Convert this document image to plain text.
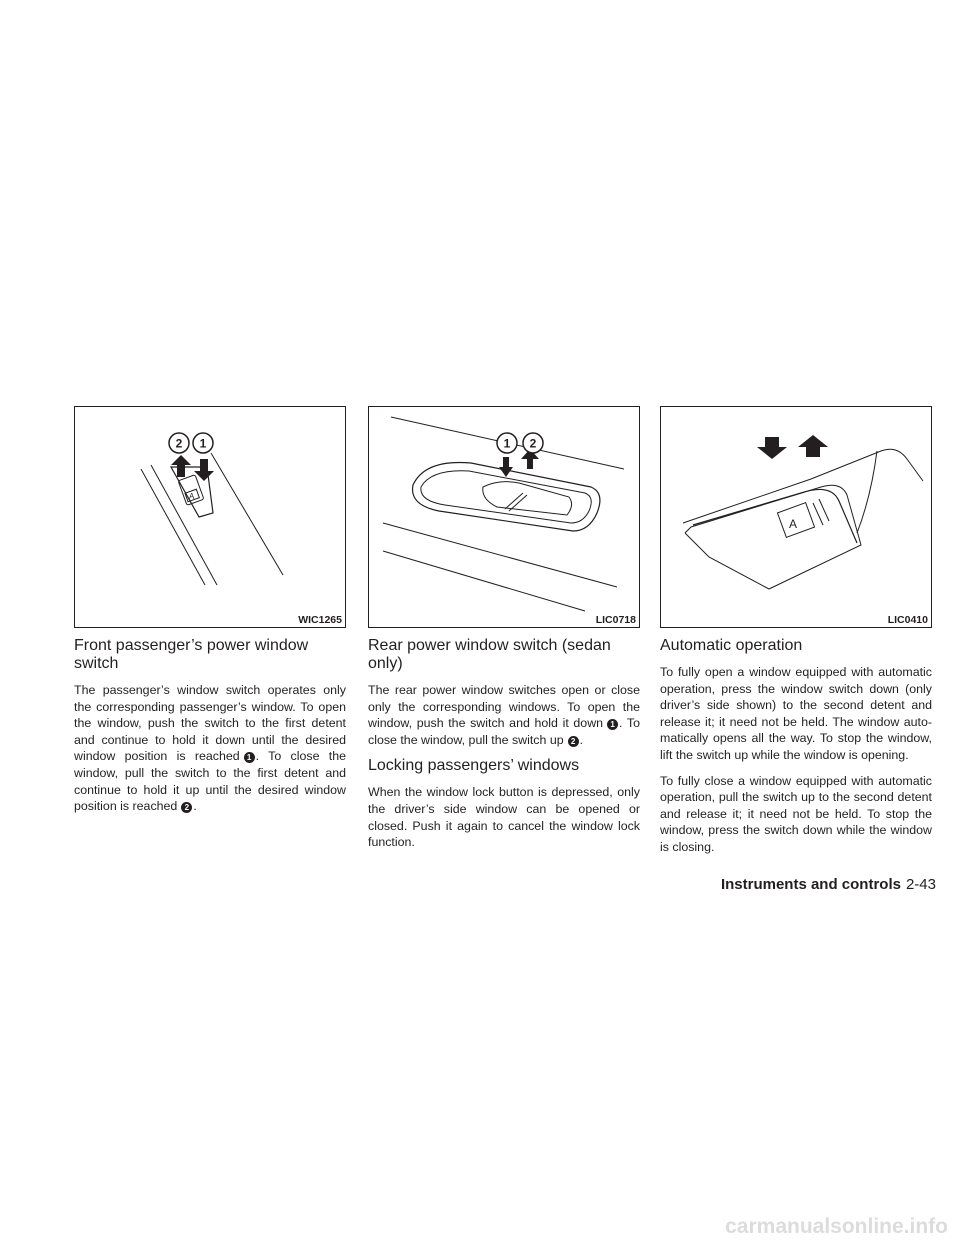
A
2 1
WIC1265
Front passenger’s power window switch

The passenger’s window switch operates only the corresponding passenger’s window. To open the window, push the switch to the first detent and continue to hold it down until the desired window position is reached 1 . To close the window, pull the switch to the first detent and continue to hold it up until the desired window position is reached 2 .

1 2
LIC0718
Rear power window switch (sedan only)

The rear power window switches open or close only the corresponding windows. To open the window, push the switch and hold it down 1 . To close the window, pull the switch up 2 .

Locking passengers’ windows

When the window lock button is depressed, only the driver’s side window can be opened or closed. Push it again to cancel the window lock function.

A
LIC0410
Automatic operation

To fully open a window equipped with automatic operation, press the window switch down (only driver’s side shown) to the second detent and release it; it need not be held. The window auto-matically opens all the way. To stop the window, lift the switch up while the window is opening.

To fully close a window equipped with automatic operation, pull the switch up to the second detent and release it; it need not be held. To stop the window, press the switch down while the window is closing.

Instruments and controls 2-43
carmanualsonline.info
